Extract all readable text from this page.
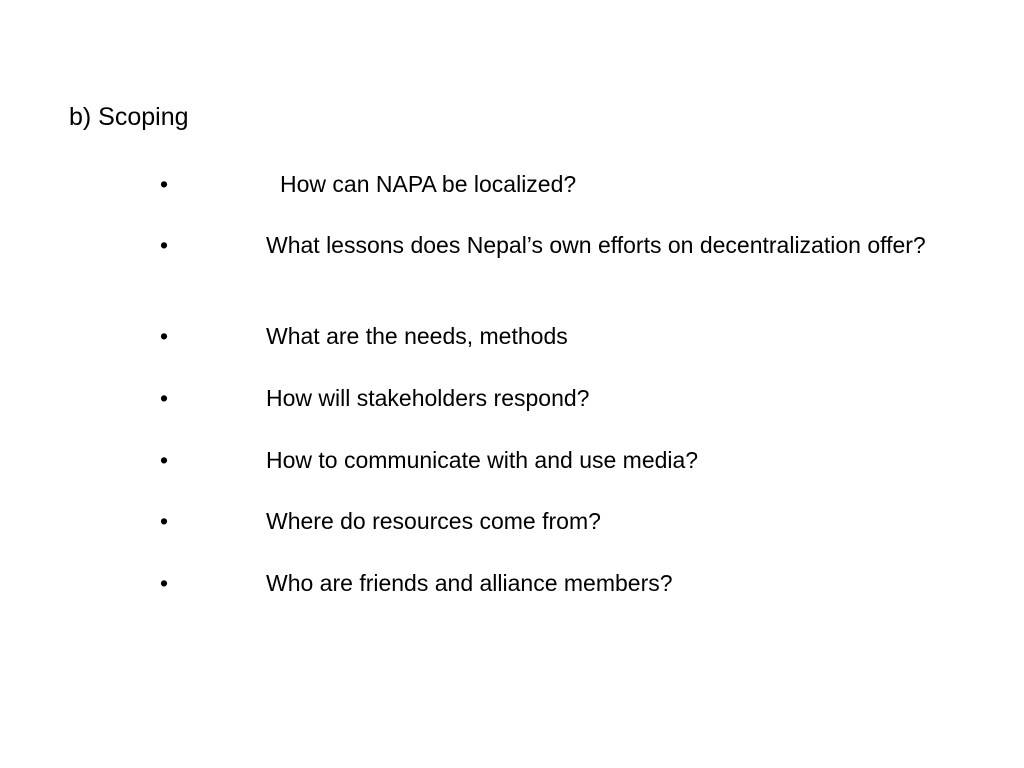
b) Scoping
•	How can NAPA be localized?
•	What lessons does Nepal’s own efforts on decentralization offer?
•	What are the needs, methods
•	How will stakeholders respond?
•	How to communicate with and use media?
•	Where do resources come from?
•	Who are friends and alliance members?
